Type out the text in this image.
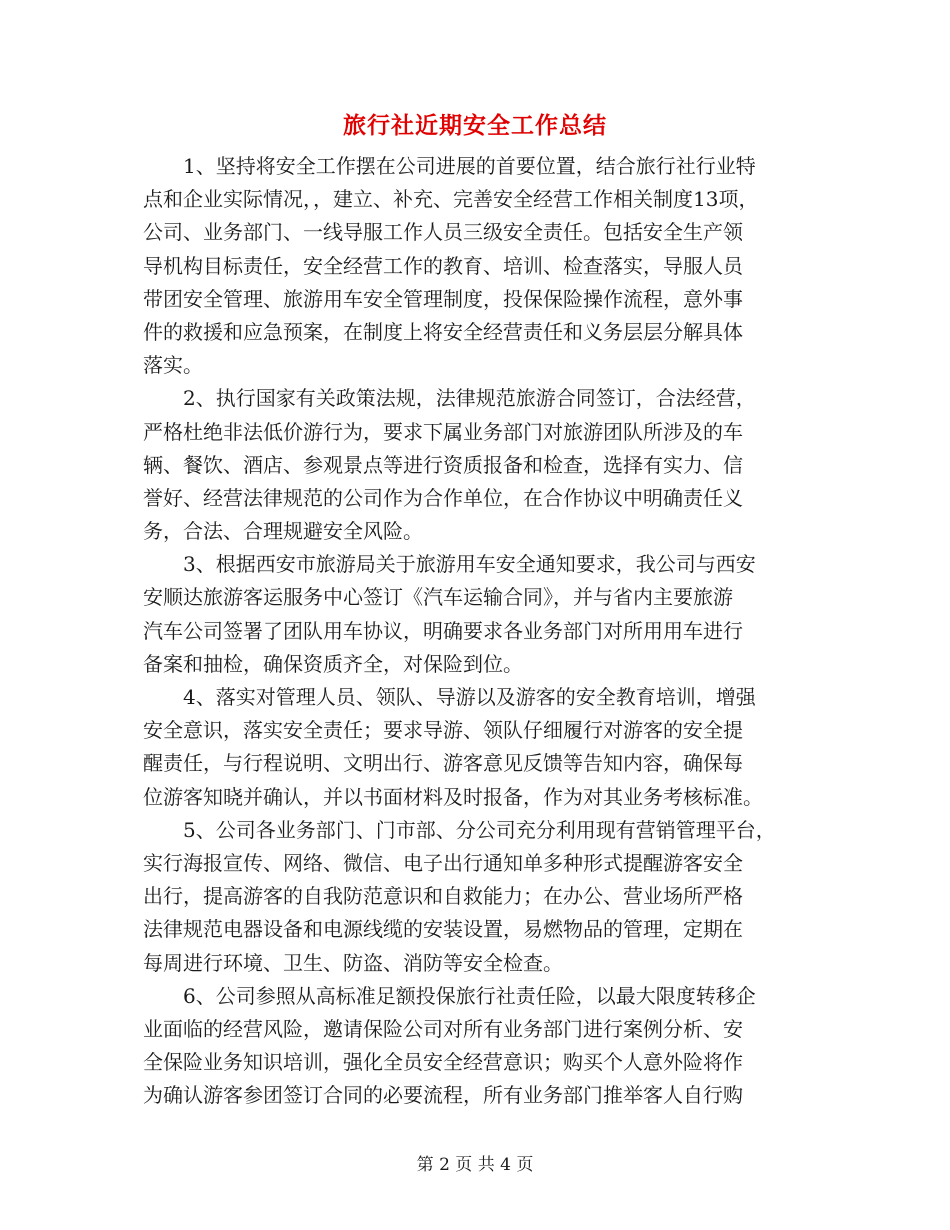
旅行社近期安全工作总结
1、坚持将安全工作摆在公司进展的首要位置，结合旅行社行业特
点和企业实际情况，，建立、补充、完善安全经营工作相关制度13项，
公司、业务部门、一线导服工作人员三级安全责任。包括安全生产领
导机构目标责任，安全经营工作的教育、培训、检查落实，导服人员
带团安全管理、旅游用车安全管理制度，投保保险操作流程，意外事
件的救援和应急预案，在制度上将安全经营责任和义务层层分解具体
落实。
2、执行国家有关政策法规，法律规范旅游合同签订，合法经营，
严格杜绝非法低价游行为，要求下属业务部门对旅游团队所涉及的车
辆、餐饮、酒店、参观景点等进行资质报备和检查，选择有实力、信
誉好、经营法律规范的公司作为合作单位，在合作协议中明确责任义
务，合法、合理规避安全风险。
3、根据西安市旅游局关于旅游用车安全通知要求，我公司与西安
安顺达旅游客运服务中心签订《汽车运输合同》，并与省内主要旅游
汽车公司签署了团队用车协议，明确要求各业务部门对所用用车进行
备案和抽检，确保资质齐全，对保险到位。
4、落实对管理人员、领队、导游以及游客的安全教育培训，增强
安全意识，落实安全责任；要求导游、领队仔细履行对游客的安全提
醒责任，与行程说明、文明出行、游客意见反馈等告知内容，确保每
位游客知晓并确认，并以书面材料及时报备，作为对其业务考核标准。
5、公司各业务部门、门市部、分公司充分利用现有营销管理平台，
实行海报宣传、网络、微信、电子出行通知单多种形式提醒游客安全
出行，提高游客的自我防范意识和自救能力；在办公、营业场所严格
法律规范电器设备和电源线缆的安装设置，易燃物品的管理，定期在
每周进行环境、卫生、防盗、消防等安全检查。
6、公司参照从高标准足额投保旅行社责任险，以最大限度转移企
业面临的经营风险，邀请保险公司对所有业务部门进行案例分析、安
全保险业务知识培训，强化全员安全经营意识；购买个人意外险将作
为确认游客参团签订合同的必要流程，所有业务部门推举客人自行购
第 2 页 共 4 页
